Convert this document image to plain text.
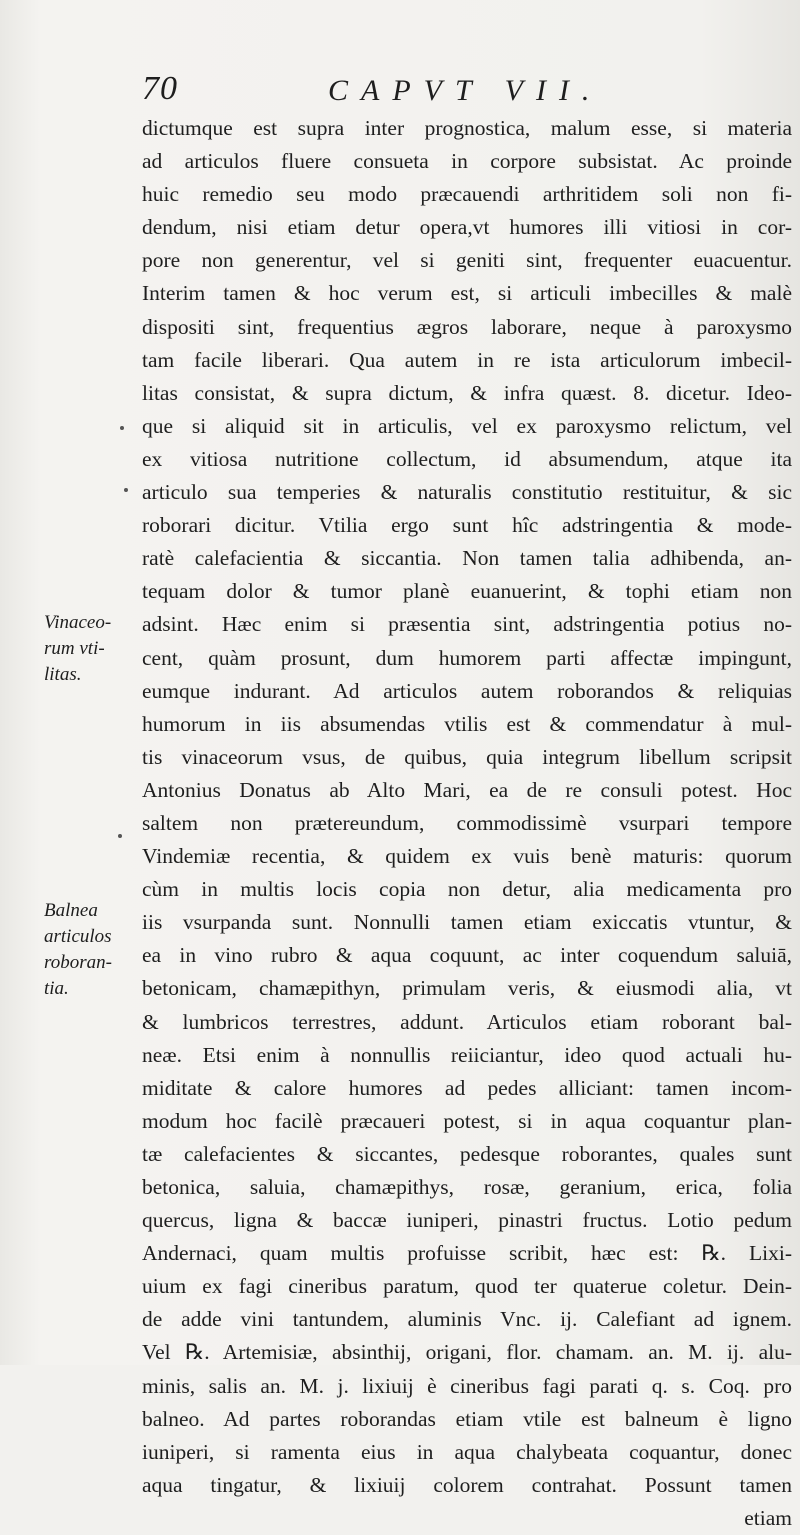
70	CAPVT VII.
Vinaceo-
rum vti-
litas.
Balnea
articulos
roboran-
tia.
dictumque est supra inter prognostica, malum esse, si materia
ad articulos fluere consueta in corpore subsistat. Ac proinde
huic remedio seu modo præcauendi arthritidem soli non fi-
dendum, nisi etiam detur opera,vt humores illi vitiosi in cor-
pore non generentur, vel si geniti sint, frequenter euacuentur.
Interim tamen & hoc verum est, si articuli imbecilles & malè
dispositi sint, frequentius ægros laborare, neque à paroxysmo
tam facile liberari. Qua autem in re ista articulorum imbecil-
litas consistat, & supra dictum, & infra quæst. 8. dicetur. Ideo-
que si aliquid sit in articulis, vel ex paroxysmo relictum, vel
ex vitiosa nutritione collectum, id absumendum, atque ita
articulo sua temperies & naturalis constitutio restituitur, & sic
roborari dicitur. Vtilia ergo sunt hîc adstringentia & mode-
ratè calefacientia & siccantia. Non tamen talia adhibenda, an-
tequam dolor & tumor planè euanuerint, & tophi etiam non
adsint. Hæc enim si præsentia sint, adstringentia potius no-
cent, quàm prosunt, dum humorem parti affectæ impingunt,
eumque indurant. Ad articulos autem roborandos & reliquias
humorum in iis absumendas vtilis est & commendatur à mul-
tis vinaceorum vsus, de quibus, quia integrum libellum scripsit
Antonius Donatus ab Alto Mari, ea de re consuli potest. Hoc
saltem non prætereundum, commodissimè vsurpari tempore
Vindemiæ recentia, & quidem ex vuis benè maturis: quorum
cùm in multis locis copia non detur, alia medicamenta pro
iis vsurpanda sunt. Nonnulli tamen etiam exiccatis vtuntur, &
ea in vino rubro & aqua coquunt, ac inter coquendum saluiā,
betonicam, chamæpithyn, primulam veris, & eiusmodi alia, vt
& lumbricos terrestres, addunt. Articulos etiam roborant bal-
neæ. Etsi enim à nonnullis reiiciantur, ideo quod actuali hu-
miditate & calore humores ad pedes alliciant: tamen incom-
modum hoc facilè præcaueri potest, si in aqua coquantur plan-
tæ calefacientes & siccantes, pedesque roborantes, quales sunt
betonica, saluia, chamæpithys, rosæ, geranium, erica, folia
quercus, ligna & baccæ iuniperi, pinastri fructus. Lotio pedum
Andernaci, quam multis profuisse scribit, hæc est: ℞. Lixi-
uium ex fagi cineribus paratum, quod ter quaterue coletur. Dein-
de adde vini tantundem, aluminis Vnc. ij. Calefiant ad ignem.
Vel ℞. Artemisiæ, absinthij, origani, flor. chamam. an. M. ij. alu-
minis, salis an. M. j. lixiuij è cineribus fagi parati q. s. Coq. pro
balneo. Ad partes roborandas etiam vtile est balneum è ligno
iuniperi, si ramenta eius in aqua chalybeata coquantur, donec
aqua tingatur, & lixiuij colorem contrahat. Possunt tamen
etiam
